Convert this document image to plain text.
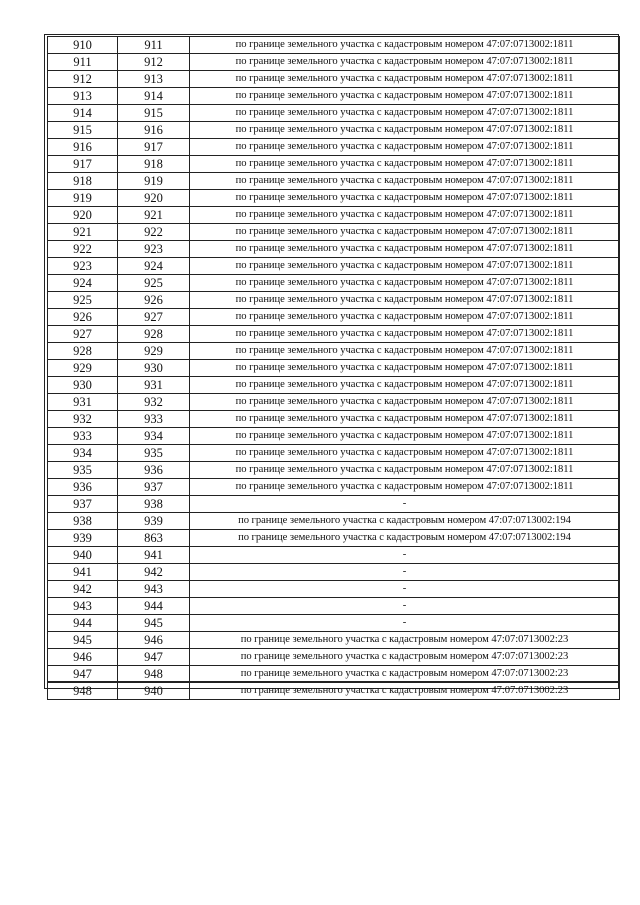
910	911	по границе земельного участка с кадастровым номером 47:07:0713002:1811
911	912	по границе земельного участка с кадастровым номером 47:07:0713002:1811
912	913	по границе земельного участка с кадастровым номером 47:07:0713002:1811
913	914	по границе земельного участка с кадастровым номером 47:07:0713002:1811
914	915	по границе земельного участка с кадастровым номером 47:07:0713002:1811
915	916	по границе земельного участка с кадастровым номером 47:07:0713002:1811
916	917	по границе земельного участка с кадастровым номером 47:07:0713002:1811
917	918	по границе земельного участка с кадастровым номером 47:07:0713002:1811
918	919	по границе земельного участка с кадастровым номером 47:07:0713002:1811
919	920	по границе земельного участка с кадастровым номером 47:07:0713002:1811
920	921	по границе земельного участка с кадастровым номером 47:07:0713002:1811
921	922	по границе земельного участка с кадастровым номером 47:07:0713002:1811
922	923	по границе земельного участка с кадастровым номером 47:07:0713002:1811
923	924	по границе земельного участка с кадастровым номером 47:07:0713002:1811
924	925	по границе земельного участка с кадастровым номером 47:07:0713002:1811
925	926	по границе земельного участка с кадастровым номером 47:07:0713002:1811
926	927	по границе земельного участка с кадастровым номером 47:07:0713002:1811
927	928	по границе земельного участка с кадастровым номером 47:07:0713002:1811
928	929	по границе земельного участка с кадастровым номером 47:07:0713002:1811
929	930	по границе земельного участка с кадастровым номером 47:07:0713002:1811
930	931	по границе земельного участка с кадастровым номером 47:07:0713002:1811
931	932	по границе земельного участка с кадастровым номером 47:07:0713002:1811
932	933	по границе земельного участка с кадастровым номером 47:07:0713002:1811
933	934	по границе земельного участка с кадастровым номером 47:07:0713002:1811
934	935	по границе земельного участка с кадастровым номером 47:07:0713002:1811
935	936	по границе земельного участка с кадастровым номером 47:07:0713002:1811
936	937	по границе земельного участка с кадастровым номером 47:07:0713002:1811
937	938	-
938	939	по границе земельного участка с кадастровым номером 47:07:0713002:194
939	863	по границе земельного участка с кадастровым номером 47:07:0713002:194
940	941	-
941	942	-
942	943	-
943	944	-
944	945	-
945	946	по границе земельного участка с кадастровым номером 47:07:0713002:23
946	947	по границе земельного участка с кадастровым номером 47:07:0713002:23
947	948	по границе земельного участка с кадастровым номером 47:07:0713002:23
948	940	по границе земельного участка с кадастровым номером 47:07:0713002:23
